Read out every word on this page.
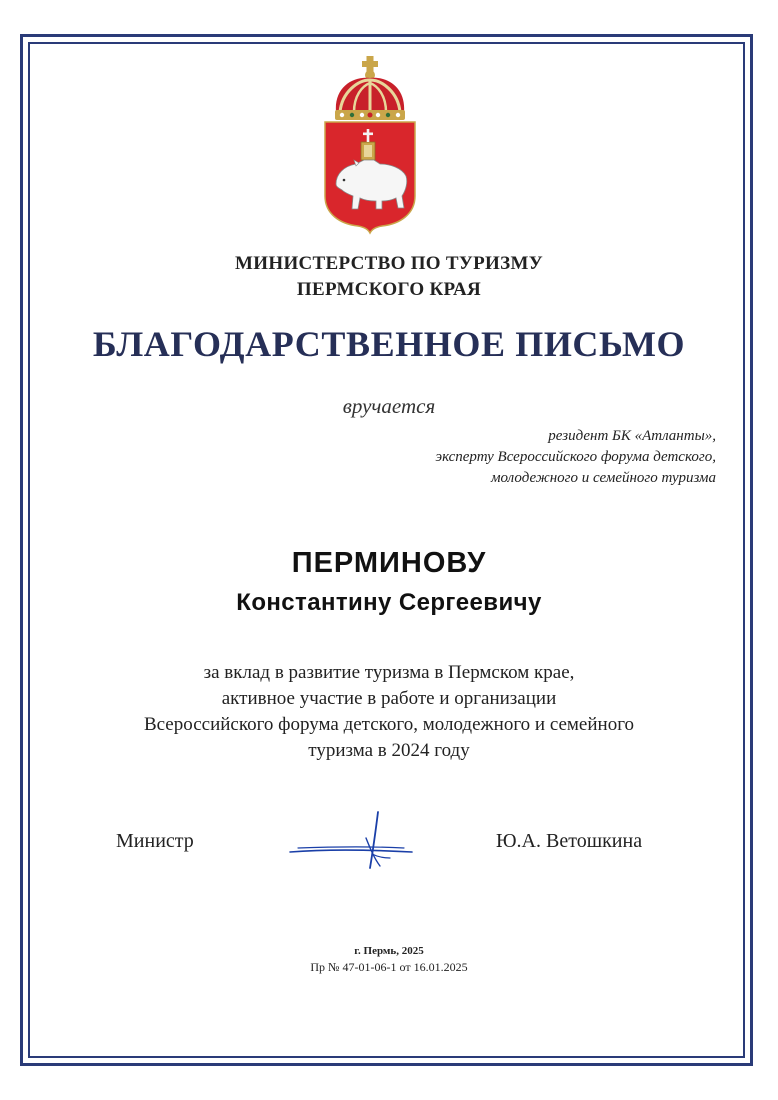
МИНИСТЕРСТВО ПО ТУРИЗМУ
ПЕРМСКОГО КРАЯ
БЛАГОДАРСТВЕННОЕ ПИСЬМО
вручается
резидент БК «Атланты»,
эксперту Всероссийского форума детского,
молодежного и семейного туризма
ПЕРМИНОВУ
Константину Сергеевичу
за вклад в развитие туризма в Пермском крае,
активное участие в работе и организации
Всероссийского форума детского, молодежного и семейного
туризма в 2024 году
Министр	Ю.А. Ветошкина
г. Пермь, 2025
Пр № 47-01-06-1 от 16.01.2025
